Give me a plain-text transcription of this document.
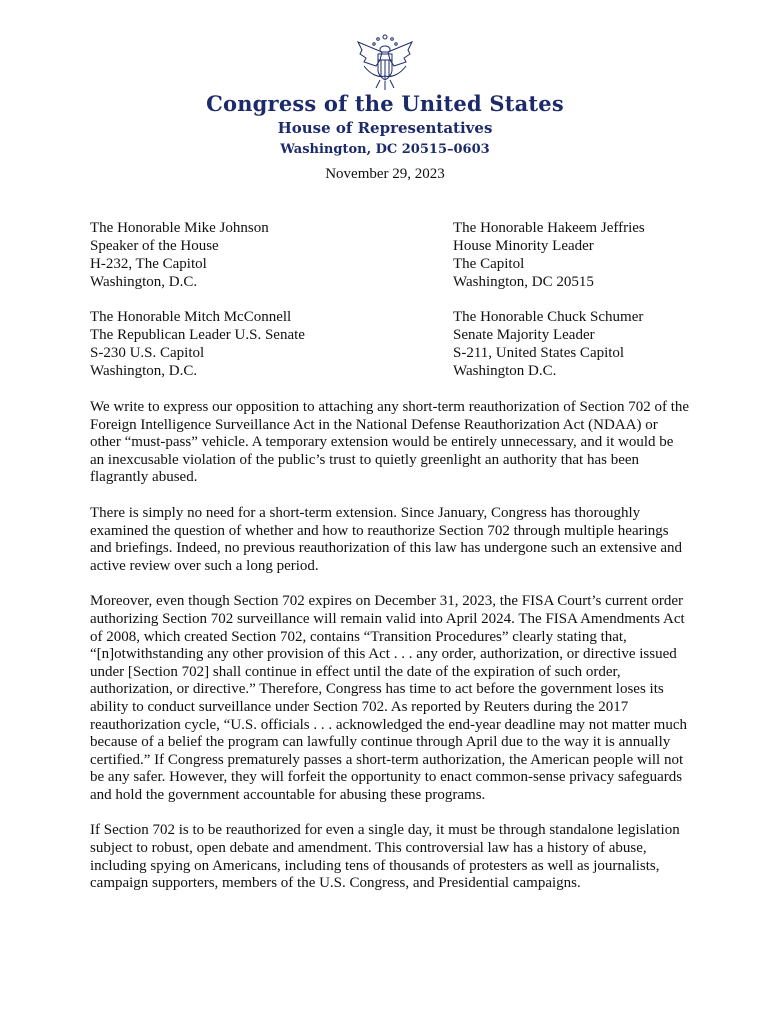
Congress of the United States
House of Representatives
Washington, DC 20515–0603
November 29, 2023
The Honorable Mike Johnson
Speaker of the House
H-232, The Capitol
Washington, D.C.
The Honorable Hakeem Jeffries
House Minority Leader
The Capitol
Washington, DC 20515
The Honorable Mitch McConnell
The Republican Leader U.S. Senate
S-230 U.S. Capitol
Washington, D.C.
The Honorable Chuck Schumer
Senate Majority Leader
S-211, United States Capitol
Washington D.C.

We write to express our opposition to attaching any short-term reauthorization of Section 702 of the Foreign Intelligence Surveillance Act in the National Defense Reauthorization Act (NDAA) or other “must-pass” vehicle. A temporary extension would be entirely unnecessary, and it would be an inexcusable violation of the public’s trust to quietly greenlight an authority that has been flagrantly abused.

There is simply no need for a short-term extension. Since January, Congress has thoroughly examined the question of whether and how to reauthorize Section 702 through multiple hearings and briefings. Indeed, no previous reauthorization of this law has undergone such an extensive and active review over such a long period.

Moreover, even though Section 702 expires on December 31, 2023, the FISA Court’s current order authorizing Section 702 surveillance will remain valid into April 2024. The FISA Amendments Act of 2008, which created Section 702, contains “Transition Procedures” clearly stating that, “[n]otwithstanding any other provision of this Act . . . any order, authorization, or directive issued under [Section 702] shall continue in effect until the date of the expiration of such order, authorization, or directive.” Therefore, Congress has time to act before the government loses its ability to conduct surveillance under Section 702. As reported by Reuters during the 2017 reauthorization cycle, “U.S. officials . . . acknowledged the end-year deadline may not matter much because of a belief the program can lawfully continue through April due to the way it is annually certified.” If Congress prematurely passes a short-term authorization, the American people will not be any safer. However, they will forfeit the opportunity to enact common-sense privacy safeguards and hold the government accountable for abusing these programs.

If Section 702 is to be reauthorized for even a single day, it must be through standalone legislation subject to robust, open debate and amendment. This controversial law has a history of abuse, including spying on Americans, including tens of thousands of protesters as well as journalists, campaign supporters, members of the U.S. Congress, and Presidential campaigns.
